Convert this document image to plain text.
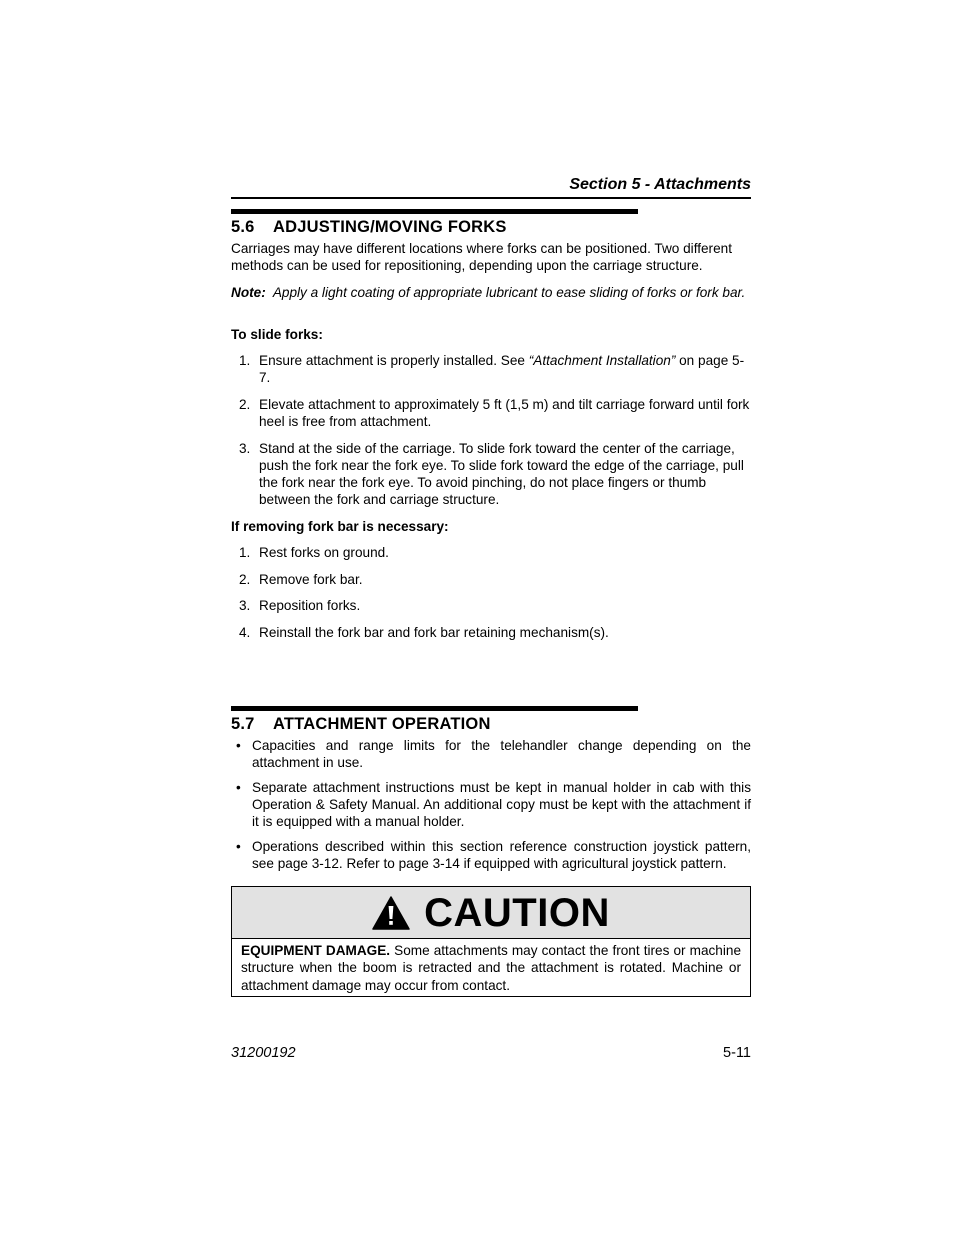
Section 5 - Attachments
5.6 ADJUSTING/MOVING FORKS
Carriages may have different locations where forks can be positioned. Two different methods can be used for repositioning, depending upon the carriage structure.
Note: Apply a light coating of appropriate lubricant to ease sliding of forks or fork bar.
To slide forks:
1. Ensure attachment is properly installed. See “Attachment Installation” on page 5-7.
2. Elevate attachment to approximately 5 ft (1,5 m) and tilt carriage forward until fork heel is free from attachment.
3. Stand at the side of the carriage. To slide fork toward the center of the carriage, push the fork near the fork eye. To slide fork toward the edge of the carriage, pull the fork near the fork eye. To avoid pinching, do not place fingers or thumb between the fork and carriage structure.
If removing fork bar is necessary:
1. Rest forks on ground.
2. Remove fork bar.
3. Reposition forks.
4. Reinstall the fork bar and fork bar retaining mechanism(s).
5.7 ATTACHMENT OPERATION
• Capacities and range limits for the telehandler change depending on the attachment in use.
• Separate attachment instructions must be kept in manual holder in cab with this Operation & Safety Manual. An additional copy must be kept with the attachment if it is equipped with a manual holder.
• Operations described within this section reference construction joystick pattern, see page 3-12. Refer to page 3-14 if equipped with agricultural joystick pattern.
CAUTION
EQUIPMENT DAMAGE. Some attachments may contact the front tires or machine structure when the boom is retracted and the attachment is rotated. Machine or attachment damage may occur from contact.
31200192	5-11
